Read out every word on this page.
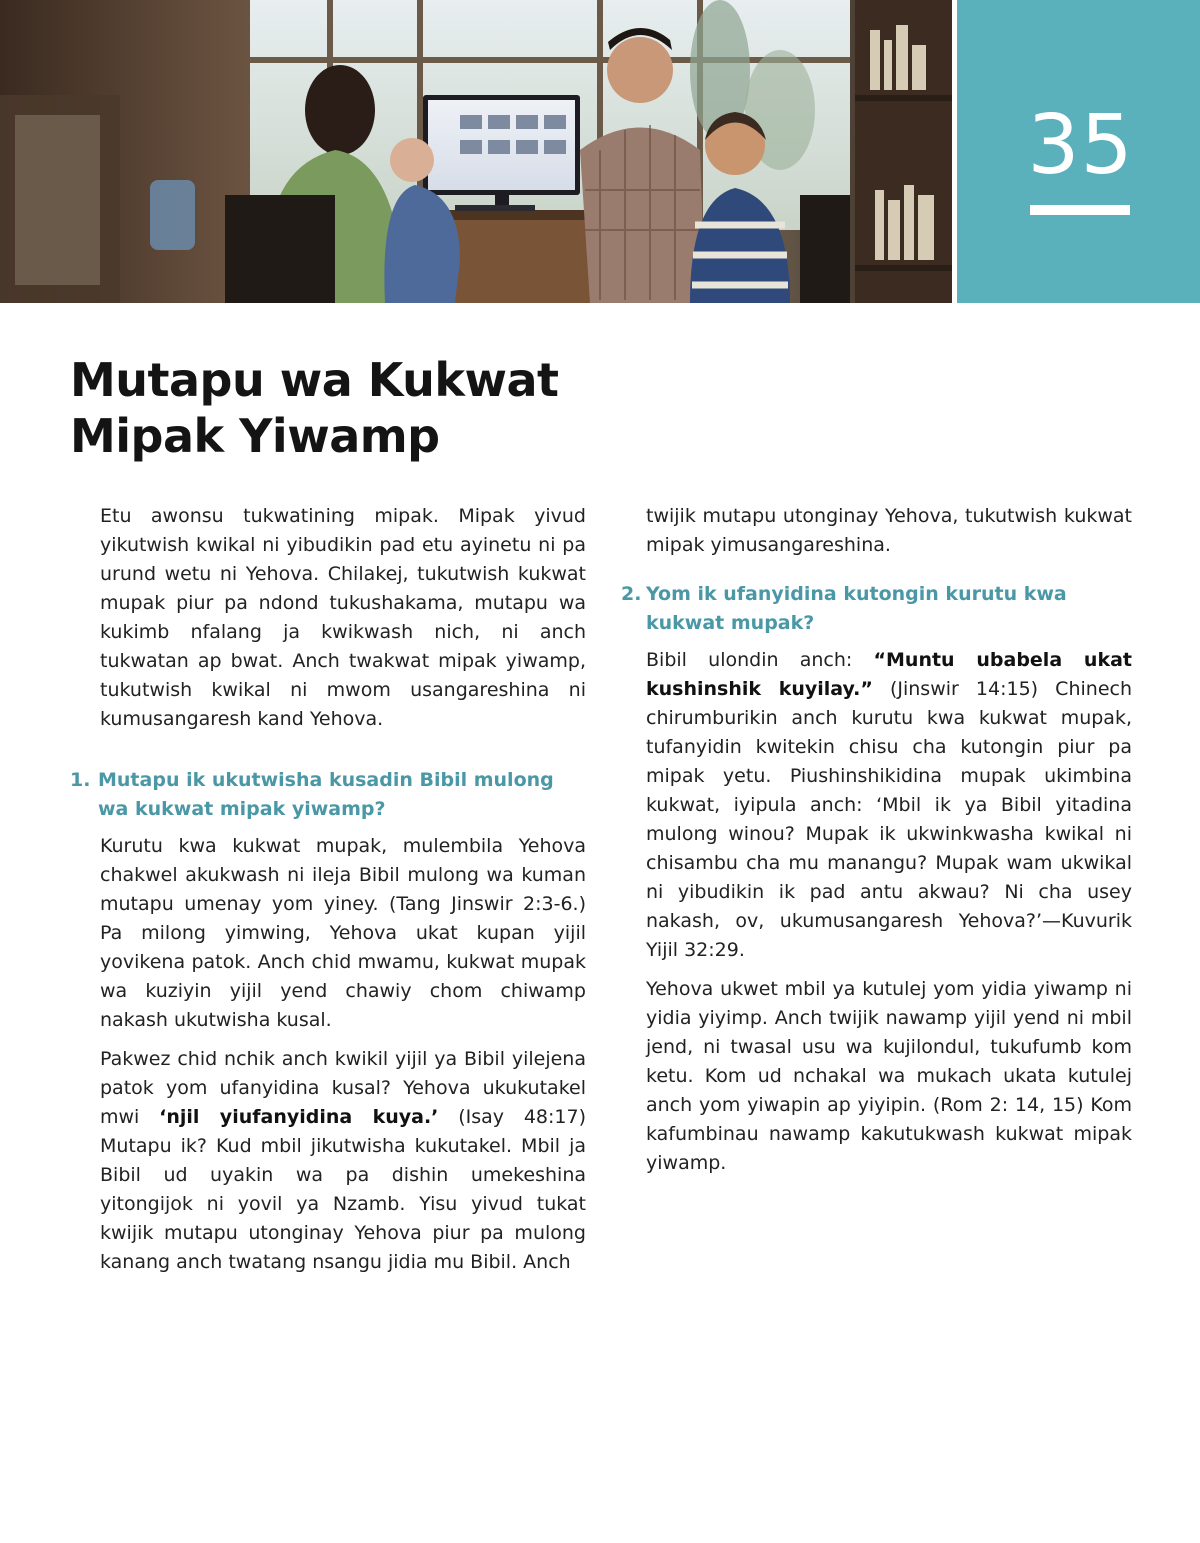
35
Mutapu wa Kukwat
Mipak Yiwamp

Etu awonsu tukwatining mipak. Mipak yivud yikutwish kwikal ni yibudikin pad etu ayinetu ni pa urund wetu ni Yehova. Chilakej, tukutwish kukwat mupak piur pa ndond tukushakama, mutapu wa kukimb nfalang ja kwikwash nich, ni anch tukwatan ap bwat. Anch twakwat mipak yiwamp, tukutwish kwikal ni mwom usangareshina ni kumusangaresh kand Yehova.

1. Mutapu ik ukutwisha kusadin Bibil mulong wa kukwat mipak yiwamp?

Kurutu kwa kukwat mupak, mulembila Yehova chakwel akukwash ni ileja Bibil mulong wa kuman mutapu umenay yom yiney. (Tang Jinswir 2:3-6.) Pa milong yimwing, Yehova ukat kupan yijil yovikena patok. Anch chid mwamu, kukwat mupak wa kuziyin yijil yend chawiy chom chiwamp nakash ukutwisha kusal.

Pakwez chid nchik anch kwikil yijil ya Bibil yilejena patok yom ufanyidina kusal? Yehova ukukutakel mwi ‘njil yiufanyidina kuya.’ (Isay 48:17) Mutapu ik? Kud mbil jikutwisha kukutakel. Mbil ja Bibil ud uyakin wa pa dishin umekeshina yitongijok ni yovil ya Nzamb. Yisu yivud tukat kwijik mutapu utonginay Yehova piur pa mulong kanang anch twatang nsangu jidia mu Bibil. Anch

twijik mutapu utonginay Yehova, tukutwish kukwat mipak yimusangareshina.

2. Yom ik ufanyidina kutongin kurutu kwa kukwat mupak?

Bibil ulondin anch: “Muntu ubabela ukat kushinshik kuyilay.” (Jinswir 14:15) Chinech chirumburikin anch kurutu kwa kukwat mupak, tufanyidin kwitekin chisu cha kutongin piur pa mipak yetu. Piushinshikidina mupak ukimbina kukwat, iyipula anch: ‘Mbil ik ya Bibil yitadina mulong winou? Mupak ik ukwinkwasha kwikal ni chisambu cha mu manangu? Mupak wam ukwikal ni yibudikin ik pad antu akwau? Ni cha usey nakash, ov, ukumusangaresh Yehova?’—Kuvurik Yijil 32:29.

Yehova ukwet mbil ya kutulej yom yidia yiwamp ni yidia yiyimp. Anch twijik nawamp yijil yend ni mbil jend, ni twasal usu wa kujilondul, tukufumb kom ketu. Kom ud nchakal wa mukach ukata kutulej anch yom yiwapin ap yiyipin. (Rom 2: 14, 15) Kom kafumbinau nawamp kakutukwash kukwat mipak yiwamp.
